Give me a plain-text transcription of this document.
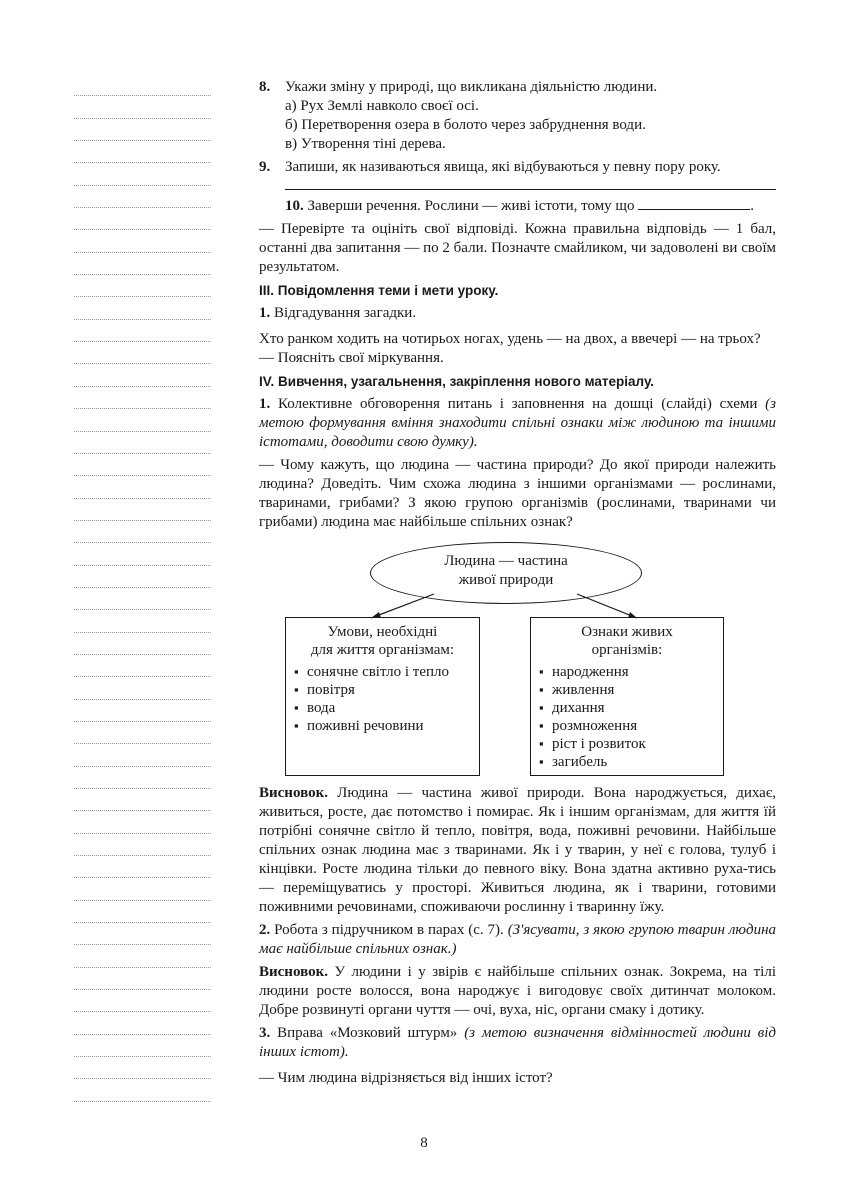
8. Укажи зміну у природі, що викликана діяльністю людини.
а) Рух Землі навколо своєї осі.
б) Перетворення озера в болото через забруднення води.
в) Утворення тіні дерева.
9. Запиши, як називаються явища, які відбуваються у певну пору року.
10. Заверши речення. Рослини — живі істоти, тому що	.

— Перевірте та оцініть свої відповіді. Кожна правильна відповідь — 1 бал, останні два запитання — по 2 бали. Позначте смайликом, чи задоволені ви своїм результатом.

III. Повідомлення теми і мети уроку.

1. Відгадування загадки.

Хто ранком ходить на чотирьох ногах, удень — на двох, а ввечері — на трьох?

— Поясніть свої міркування.

IV. Вивчення, узагальнення, закріплення нового матеріалу.

1. Колективне обговорення питань і заповнення на дошці (слайді) схеми (з метою формування вміння знаходити спільні ознаки між людиною та іншими істотами, доводити свою думку).

— Чому кажуть, що людина — частина природи? До якої природи належить людина? Доведіть. Чим схожа людина з іншими організмами — рослинами, тваринами, грибами? З якою групою організмів (рослинами, тваринами чи грибами) людина має найбільше спільних ознак?

Людина — частина
живої природи
Умови, необхідні
для життя організмам:
▪ сонячне світло і тепло
▪ повітря
▪ вода
▪ поживні речовини
Ознаки живих
організмів:
▪ народження
▪ живлення
▪ дихання
▪ розмноження
▪ ріст і розвиток
▪ загибель

Висновок. Людина — частина живої природи. Вона народжується, дихає, живиться, росте, дає потомство і помирає. Як і іншим організмам, для життя їй потрібні сонячне світло й тепло, повітря, вода, поживні речовини. Найбільше спільних ознак людина має з тваринами. Як і у тварин, у неї є голова, тулуб і кінцівки. Росте людина тільки до певного віку. Вона здатна активно руха-тись — переміщуватись у просторі. Живиться людина, як і тварини, готовими поживними речовинами, споживаючи рослинну і тваринну їжу.

2. Робота з підручником в парах (с. 7). (З'ясувати, з якою групою тварин людина має найбільше спільних ознак.)

Висновок. У людини і у звірів є найбільше спільних ознак. Зокрема, на тілі людини росте волосся, вона народжує і вигодовує своїх дитинчат молоком. Добре розвинуті органи чуття — очі, вуха, ніс, органи смаку і дотику.

3. Вправа «Мозковий штурм» (з метою визначення відмінностей людини від інших істот).

— Чим людина відрізняється від інших істот?

8
